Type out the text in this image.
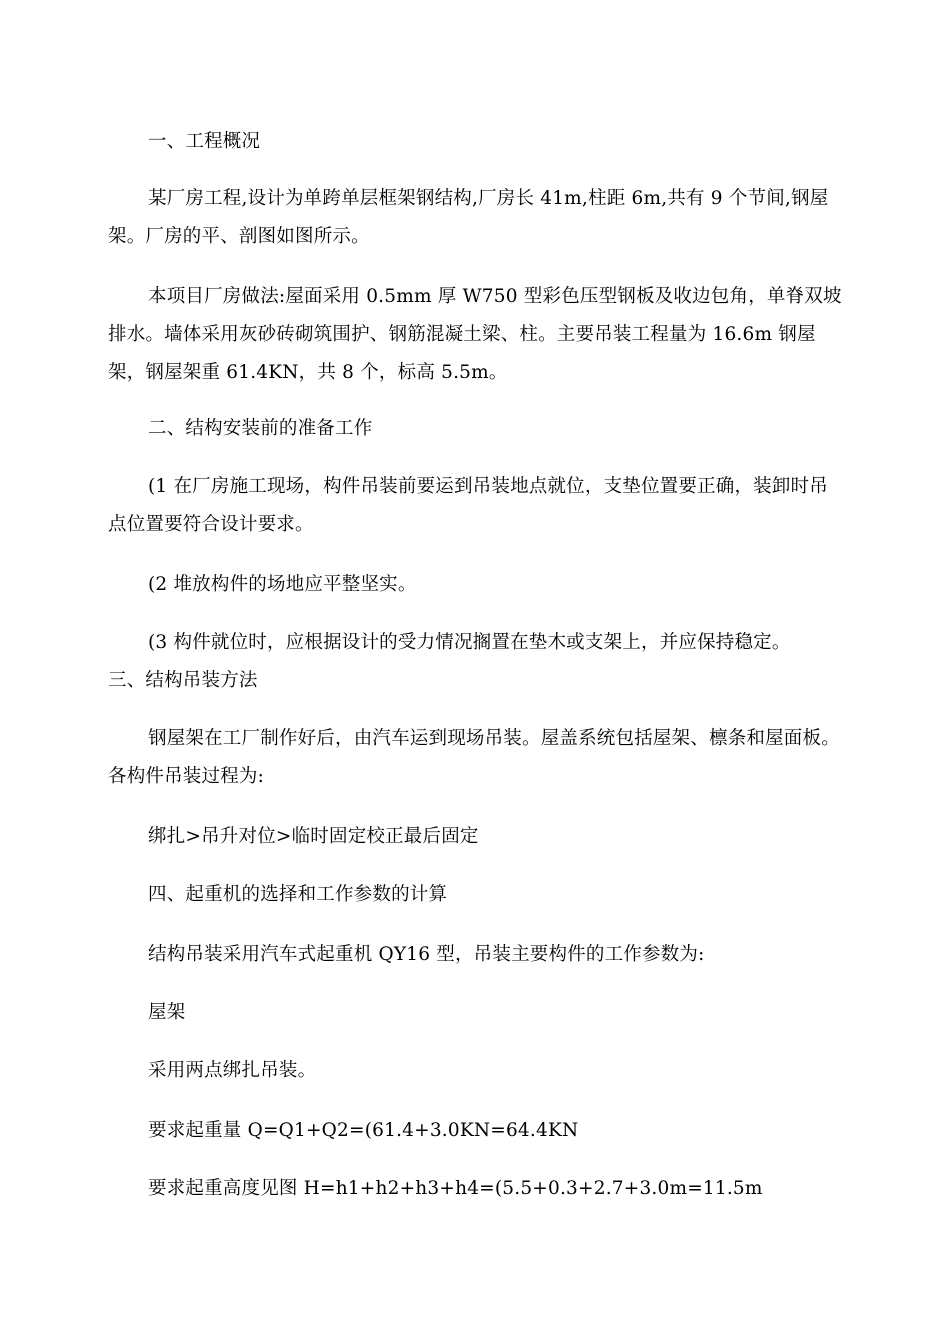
一、工程概况

某厂房工程,设计为单跨单层框架钢结构,厂房长 41m,柱距 6m,共有 9 个节间,钢屋架。厂房的平、剖图如图所示。

本项目厂房做法:屋面采用 0.5mm 厚 W750 型彩色压型钢板及收边包角，单脊双坡排水。墙体采用灰砂砖砌筑围护、钢筋混凝土梁、柱。主要吊装工程量为 16.6m 钢屋架，钢屋架重 61.4KN，共 8 个，标高 5.5m。

二、结构安装前的准备工作

(1 在厂房施工现场，构件吊装前要运到吊装地点就位，支垫位置要正确，装卸时吊点位置要符合设计要求。

(2 堆放构件的场地应平整坚实。

(3 构件就位时，应根据设计的受力情况搁置在垫木或支架上，并应保持稳定。

三、结构吊装方法

钢屋架在工厂制作好后，由汽车运到现场吊装。屋盖系统包括屋架、檩条和屋面板。各构件吊装过程为:

绑扎>吊升对位>临时固定校正最后固定

四、起重机的选择和工作参数的计算

结构吊装采用汽车式起重机 QY16 型，吊装主要构件的工作参数为:

屋架

采用两点绑扎吊装。

要求起重量 Q=Q1+Q2=(61.4+3.0KN=64.4KN

要求起重高度见图 H=h1+h2+h3+h4=(5.5+0.3+2.7+3.0m=11.5m
